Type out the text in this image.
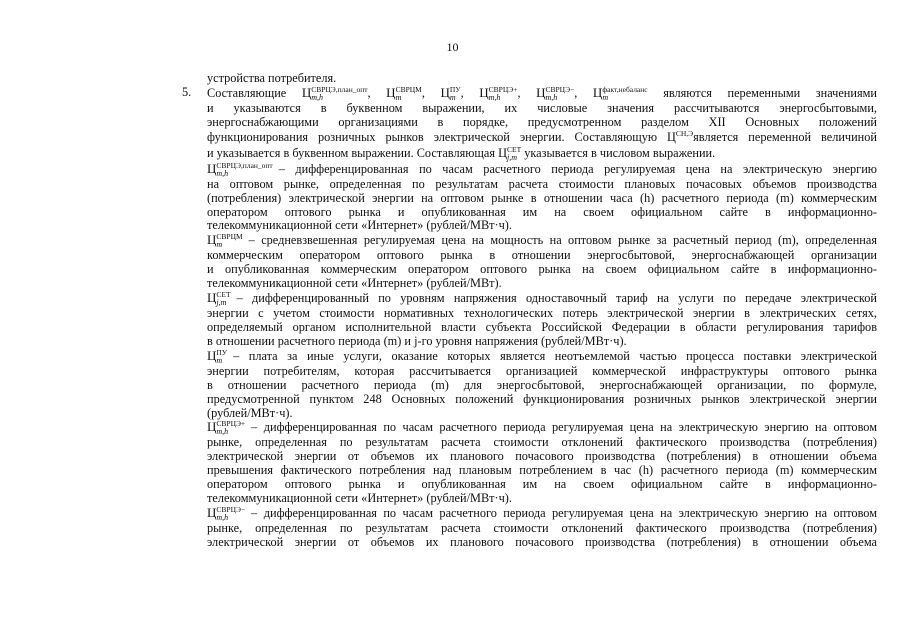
10
устройства потребителя.
5. Составляющие Ц СВРЦЭ,план_опт
m,h	, Ц СВРЦМ
m	, Ц ПУ
m , Ц СВРЦЭ+
m,h	, Ц СВРЦЭ−
m,h	, Ц факт,небаланс
m	являются переменными значениями
и указываются в буквенном выражении, их числовые значения рассчитываются энергосбытовыми,
энергоснабжающими организациями в порядке, предусмотренном разделом XII Основных положений
функционирования розничных рынков электрической энергии. Составляющую Ц СН,Э
является переменной величиной
и указывается в буквенном выражении. Составляющая Ц СЕТ
j,m указывается в числовом выражении.
Ц СВРЦЭ,план_опт
m,h	– дифференцированная по часам расчетного периода регулируемая цена на электрическую энергию
на оптовом рынке, определенная по результатам расчета стоимости плановых почасовых объемов производства
(потребления) электрической энергии на оптовом рынке в отношении часа (h) расчетного периода (m) коммерческим
оператором оптового рынка и опубликованная им на своем официальном сайте в информационно-
телекоммуникационной сети «Интернет» (рублей/МВт·ч).
Ц СВРЦМ
m	– средневзвешенная регулируемая цена на мощность на оптовом рынке за расчетный период (m), определенная
коммерческим оператором оптового рынка в отношении энергосбытовой, энергоснабжающей организации
и опубликованная коммерческим оператором оптового рынка на своем официальном сайте в информационно-
телекоммуникационной сети «Интернет» (рублей/МВт).
Ц СЕТ
j,m – дифференцированный по уровням напряжения одноставочный тариф на услуги по передаче электрической
энергии с учетом стоимости нормативных технологических потерь электрической энергии в электрических сетях,
определяемый органом исполнительной власти субъекта Российской Федерации в области регулирования тарифов
в отношении расчетного периода (m) и j-го уровня напряжения (рублей/МВт·ч).
Ц ПУ
m – плата за иные услуги, оказание которых является неотъемлемой частью процесса поставки электрической
энергии потребителям, которая рассчитывается организацией коммерческой инфраструктуры оптового рынка
в отношении расчетного периода (m) для энергосбытовой, энергоснабжающей организации, по формуле,
предусмотренной пунктом 248 Основных положений функционирования розничных рынков электрической энергии
(рублей/МВт·ч).
Ц СВРЦЭ+
m,h	– дифференцированная по часам расчетного периода регулируемая цена на электрическую энергию на оптовом
рынке, определенная по результатам расчета стоимости отклонений фактического производства (потребления)
электрической энергии от объемов их планового почасового производства (потребления) в отношении объема
превышения фактического потребления над плановым потреблением в час (h) расчетного периода (m) коммерческим
оператором оптового рынка и опубликованная им на своем официальном сайте в информационно-
телекоммуникационной сети «Интернет» (рублей/МВт·ч).
Ц СВРЦЭ−
m,h	– дифференцированная по часам расчетного периода регулируемая цена на электрическую энергию на оптовом
рынке, определенная по результатам расчета стоимости отклонений фактического производства (потребления)
электрической энергии от объемов их планового почасового производства (потребления) в отношении объема
